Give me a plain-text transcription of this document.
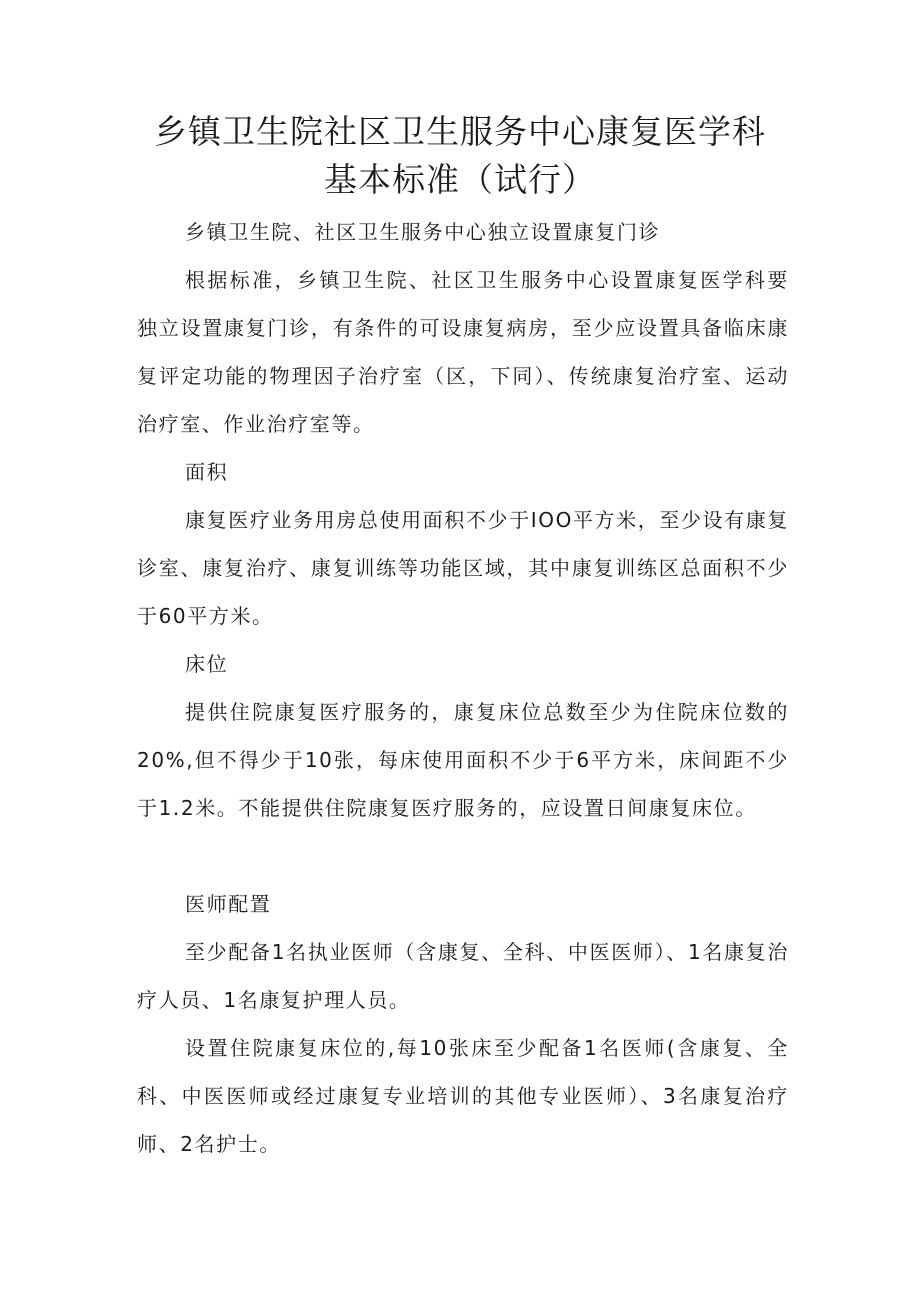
乡镇卫生院社区卫生服务中心康复医学科
基本标准（试行）

乡镇卫生院、社区卫生服务中心独立设置康复门诊

根据标准，乡镇卫生院、社区卫生服务中心设置康复医学科要独立设置康复门诊，有条件的可设康复病房，至少应设置具备临床康复评定功能的物理因子治疗室（区，下同）、传统康复治疗室、运动治疗室、作业治疗室等。

面积

康复医疗业务用房总使用面积不少于IOO平方米，至少设有康复诊室、康复治疗、康复训练等功能区域，其中康复训练区总面积不少于60平方米。

床位

提供住院康复医疗服务的，康复床位总数至少为住院床位数的20%,但不得少于10张，每床使用面积不少于6平方米，床间距不少于1.2米。不能提供住院康复医疗服务的，应设置日间康复床位。

医师配置

至少配备1名执业医师（含康复、全科、中医医师）、1名康复治疗人员、1名康复护理人员。

设置住院康复床位的,每10张床至少配备1名医师(含康复、全科、中医医师或经过康复专业培训的其他专业医师）、3名康复治疗师、2名护士。
